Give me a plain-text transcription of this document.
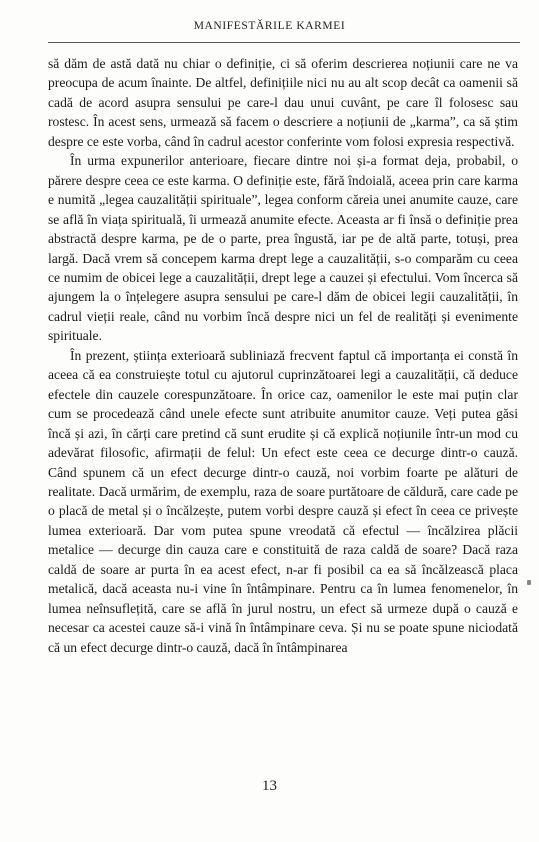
MANIFESTĂRILE KARMEI

să dăm de astă dată nu chiar o definiție, ci să oferim descrierea noțiunii care ne va preocupa de acum înainte. De altfel, definițiile nici nu au alt scop decât ca oamenii să cadă de acord asupra sensului pe care-l dau unui cuvânt, pe care îl folosesc sau rostesc. În acest sens, urmează să facem o descriere a noțiunii de „karma”, ca să știm despre ce este vorba, când în cadrul acestor conferinte vom folosi expresia respectivă.

În urma expunerilor anterioare, fiecare dintre noi și-a format deja, probabil, o părere despre ceea ce este karma. O definiție este, fără îndoială, aceea prin care karma e numită „legea cauzalității spirituale”, legea conform căreia unei anumite cauze, care se află în viața spirituală, îi urmează anumite efecte. Aceasta ar fi însă o definiție prea abstractă despre karma, pe de o parte, prea îngustă, iar pe de altă parte, totuși, prea largă. Dacă vrem să concepem karma drept lege a cauzalității, s-o comparăm cu ceea ce numim de obicei lege a cauzalității, drept lege a cauzei și efectului. Vom încerca să ajungem la o înțelegere asupra sensului pe care-l dăm de obicei legii cauzalității, în cadrul vieții reale, când nu vorbim încă despre nici un fel de realități și evenimente spirituale.

În prezent, știința exterioară subliniază frecvent faptul că importanța ei constă în aceea că ea construiește totul cu ajutorul cuprinzătoarei legi a cauzalității, că deduce efectele din cauzele corespunzătoare. În orice caz, oamenilor le este mai puțin clar cum se procedează când unele efecte sunt atribuite anumitor cauze. Veți putea găsi încă și azi, în cărți care pretind că sunt erudite și că explică noțiunile într-un mod cu adevărat filosofic, afirmații de felul: Un efect este ceea ce decurge dintr-o cauză. Când spunem că un efect decurge dintr-o cauză, noi vorbim foarte pe alături de realitate. Dacă urmărim, de exemplu, raza de soare purtătoare de căldură, care cade pe o placă de metal și o încălzește, putem vorbi despre cauză și efect în ceea ce privește lumea exterioară. Dar vom putea spune vreodată că efectul — încălzirea plăcii metalice — decurge din cauza care e constituită de raza caldă de soare? Dacă raza caldă de soare ar purta în ea acest efect, n-ar fi posibil ca ea să încălzească placa metalică, dacă aceasta nu-i vine în întâmpinare. Pentru ca în lumea fenomenelor, în lumea neînsuflețită, care se află în jurul nostru, un efect să urmeze după o cauză e necesar ca acestei cauze să-i vină în întâmpinare ceva. Și nu se poate spune niciodată că un efect decurge dintr-o cauză, dacă în întâmpinarea

13
